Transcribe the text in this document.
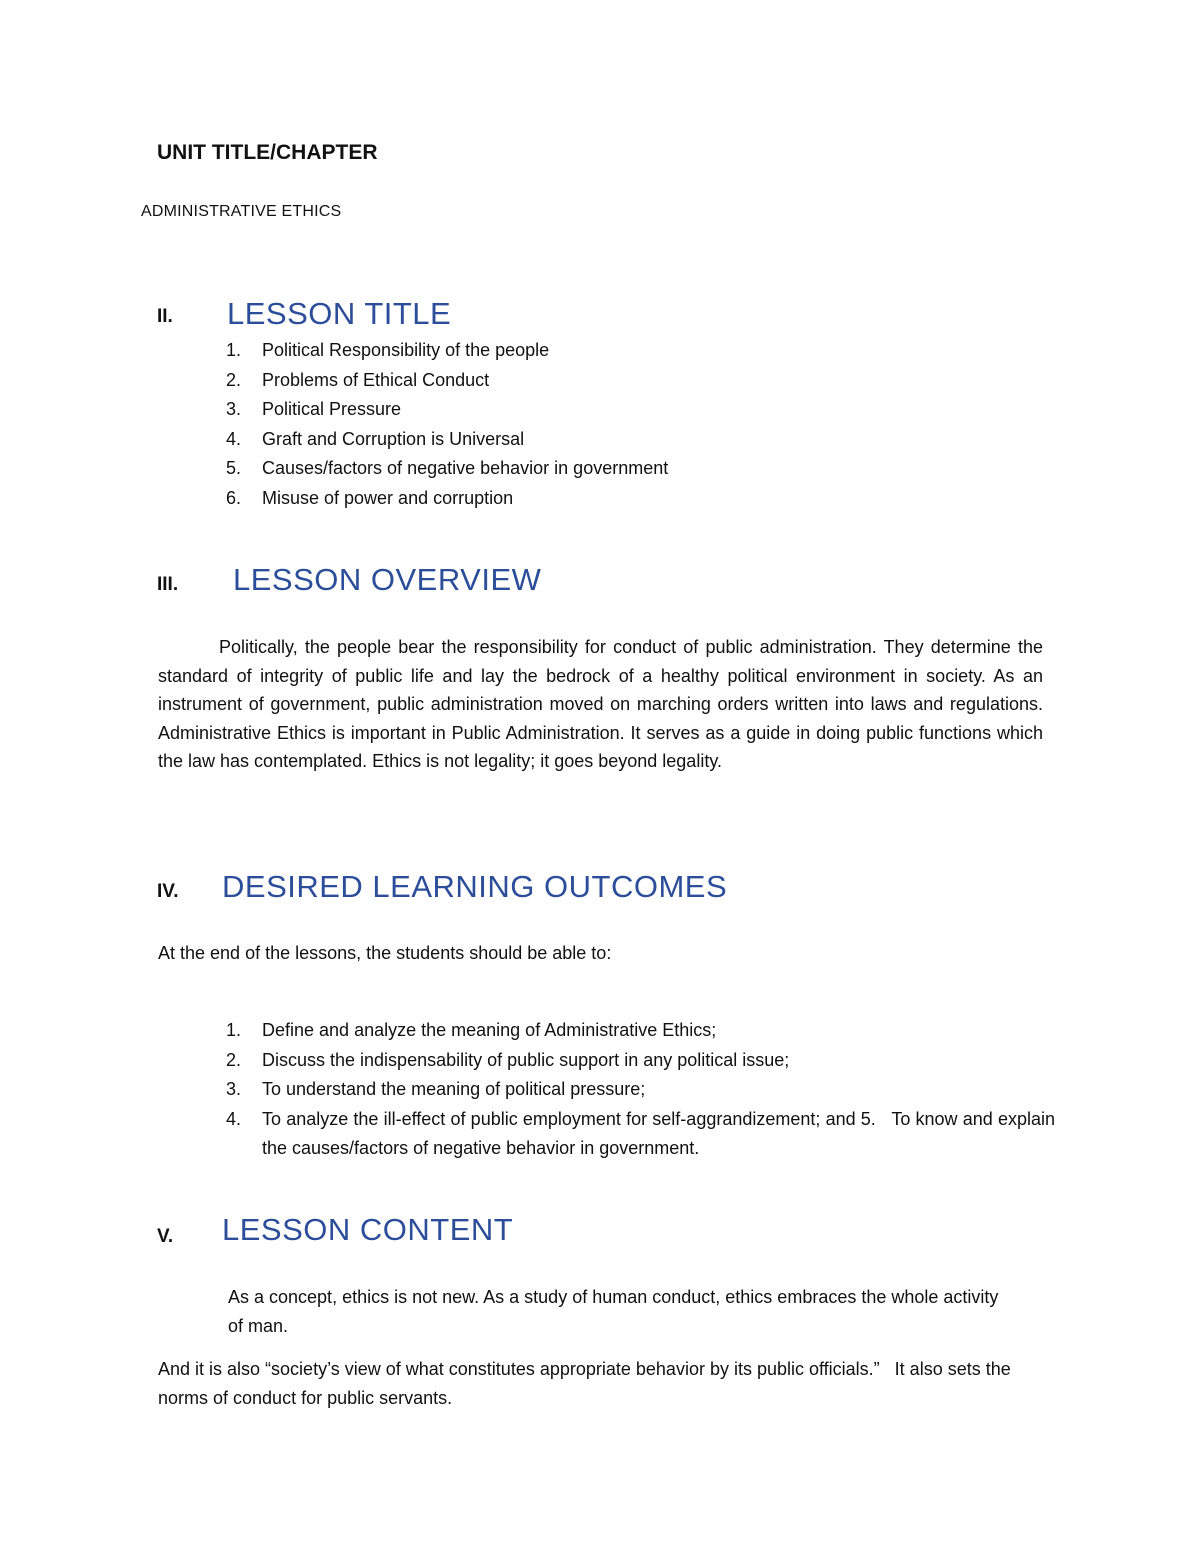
UNIT TITLE/CHAPTER

ADMINISTRATIVE ETHICS

II. LESSON TITLE
1.	Political Responsibility of the people
2.	Problems of Ethical Conduct
3.	Political Pressure
4.	Graft and Corruption is Universal
5.	Causes/factors of negative behavior in government
6.	Misuse of power and corruption
III. LESSON OVERVIEW

Politically, the people bear the responsibility for conduct of public administration. They determine the standard of integrity of public life and lay the bedrock of a healthy political environment in society. As an instrument of government, public administration moved on marching orders written into laws and regulations. Administrative Ethics is important in Public Administration. It serves as a guide in doing public functions which the law has contemplated. Ethics is not legality; it goes beyond legality.

IV. DESIRED LEARNING OUTCOMES

At the end of the lessons, the students should be able to:

1.	Define and analyze the meaning of Administrative Ethics;
2.	Discuss the indispensability of public support in any political issue;
3.	To understand the meaning of political pressure;
4.	To analyze the ill-effect of public employment for self-aggrandizement; and 5.   To know and explain the causes/factors of negative behavior in government.
V. LESSON CONTENT

As a concept, ethics is not new. As a study of human conduct, ethics embraces the whole activity of man.

And it is also “society’s view of what constitutes appropriate behavior by its public officials.”   It also sets the norms of conduct for public servants.
